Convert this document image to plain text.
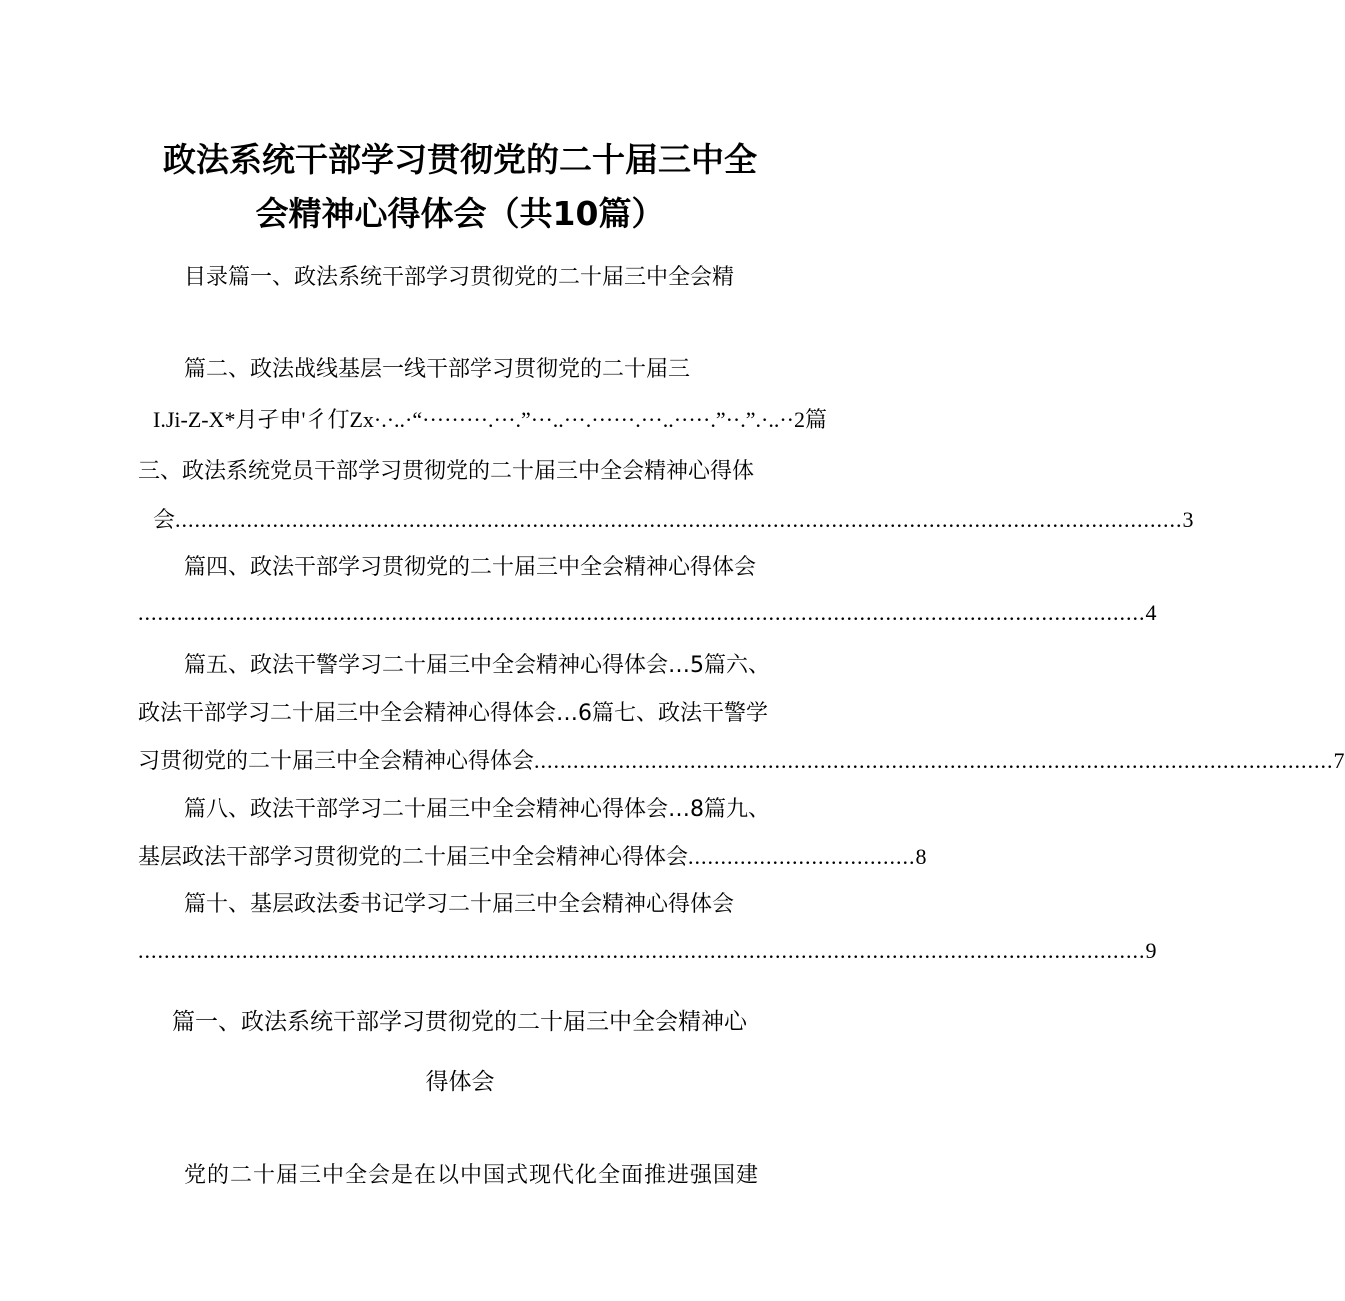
政法系统干部学习贯彻党的二十届三中全
会精神心得体会（共10篇）
目录篇一、政法系统干部学习贯彻党的二十届三中全会精
篇二、政法战线基层一线干部学习贯彻党的二十届三
I.Ji-Z-X*月孑申'彳仃Zx·.·..·“·········.···.”···..···.······.···..·····.”··.”.·..··2篇
三、政法系统党员干部学习贯彻党的二十届三中全会精神心得体
会 ........................................................................................................................................................... 3
篇四、政法干部学习贯彻党的二十届三中全会精神心得体会
........................................................................................................................................................... 4
篇五、政法干警学习二十届三中全会精神心得体会…5篇六、
政法干部学习二十届三中全会精神心得体会…6篇七、政法干警学
习贯彻党的二十届三中全会精神心得体会 ........................................................................................................................... 7
篇八、政法干部学习二十届三中全会精神心得体会…8篇九、
基层政法干部学习贯彻党的二十届三中全会精神心得体会 ................................... 8
篇十、基层政法委书记学习二十届三中全会精神心得体会
........................................................................................................................................................... 9
篇一、政法系统干部学习贯彻党的二十届三中全会精神心
得体会
党的二十届三中全会是在以中国式现代化全面推进强国建
